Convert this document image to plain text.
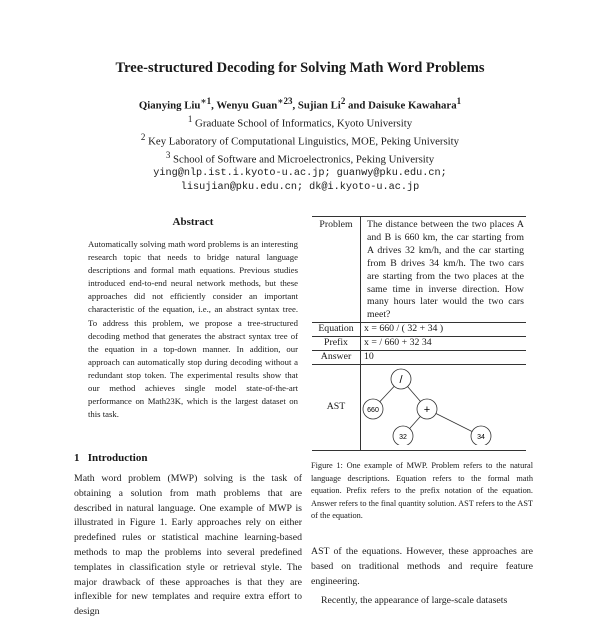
Tree-structured Decoding for Solving Math Word Problems
Qianying Liu$^{∗1}$, Wenyu Guan$^{∗23}$, Sujian Li$^2$ and Daisuke Kawahara$^1$
$^1$ Graduate School of Informatics, Kyoto University
$^2$ Key Laboratory of Computational Linguistics, MOE, Peking University
$^3$ School of Software and Microelectronics, Peking University
ying@nlp.ist.i.kyoto-u.ac.jp; guanwy@pku.edu.cn;
lisujian@pku.edu.cn; dk@i.kyoto-u.ac.jp
Abstract
Automatically solving math word problems is an interesting research topic that needs to bridge natural language descriptions and formal math equations. Previous studies introduced end-to-end neural network methods, but these approaches did not efficiently consider an important characteristic of the equation, i.e., an abstract syntax tree. To address this problem, we propose a tree-structured decoding method that generates the abstract syntax tree of the equation in a top-down manner. In addition, our approach can automatically stop during decoding without a redundant stop token. The experimental results show that our method achieves single model state-of-the-art performance on Math23K, which is the largest dataset on this task.
1 Introduction
Math word problem (MWP) solving is the task of obtaining a solution from math problems that are described in natural language. One example of MWP is illustrated in Figure 1. Early approaches rely on either predefined rules or statistical machine learning-based methods to map the problems into several predefined templates in classification style or retrieval style. The major drawback of these approaches is that they are inflexible for new templates and require extra effort to design
Problem	The distance between the two places A and B is 660 km, the car starting from A drives 32 km/h, and the car starting from B drives 34 km/h. The two cars are starting from the two places at the same time in inverse direction. How many hours later would the two cars meet?
Equation	x = 660 / ( 32 + 34 )
Prefix	x = / 660 + 32 34
Answer	10
AST	/
660 +
32 34
Figure 1: One example of MWP. Problem refers to the natural language descriptions. Equation refers to the formal math equation. Prefix refers to the prefix notation of the equation. Answer refers to the final quantity solution. AST refers to the AST of the equation.

AST of the equations. However, these approaches are based on traditional methods and require feature engineering.

Recently, the appearance of large-scale datasets
